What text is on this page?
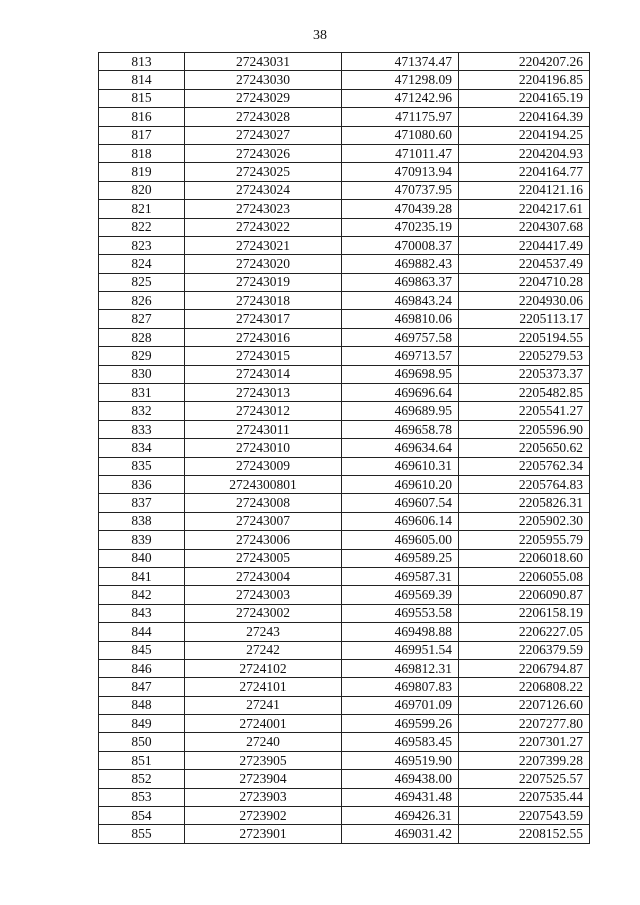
38
813	27243031	471374.47	2204207.26
814	27243030	471298.09	2204196.85
815	27243029	471242.96	2204165.19
816	27243028	471175.97	2204164.39
817	27243027	471080.60	2204194.25
818	27243026	471011.47	2204204.93
819	27243025	470913.94	2204164.77
820	27243024	470737.95	2204121.16
821	27243023	470439.28	2204217.61
822	27243022	470235.19	2204307.68
823	27243021	470008.37	2204417.49
824	27243020	469882.43	2204537.49
825	27243019	469863.37	2204710.28
826	27243018	469843.24	2204930.06
827	27243017	469810.06	2205113.17
828	27243016	469757.58	2205194.55
829	27243015	469713.57	2205279.53
830	27243014	469698.95	2205373.37
831	27243013	469696.64	2205482.85
832	27243012	469689.95	2205541.27
833	27243011	469658.78	2205596.90
834	27243010	469634.64	2205650.62
835	27243009	469610.31	2205762.34
836	2724300801	469610.20	2205764.83
837	27243008	469607.54	2205826.31
838	27243007	469606.14	2205902.30
839	27243006	469605.00	2205955.79
840	27243005	469589.25	2206018.60
841	27243004	469587.31	2206055.08
842	27243003	469569.39	2206090.87
843	27243002	469553.58	2206158.19
844	27243	469498.88	2206227.05
845	27242	469951.54	2206379.59
846	2724102	469812.31	2206794.87
847	2724101	469807.83	2206808.22
848	27241	469701.09	2207126.60
849	2724001	469599.26	2207277.80
850	27240	469583.45	2207301.27
851	2723905	469519.90	2207399.28
852	2723904	469438.00	2207525.57
853	2723903	469431.48	2207535.44
854	2723902	469426.31	2207543.59
855	2723901	469031.42	2208152.55
